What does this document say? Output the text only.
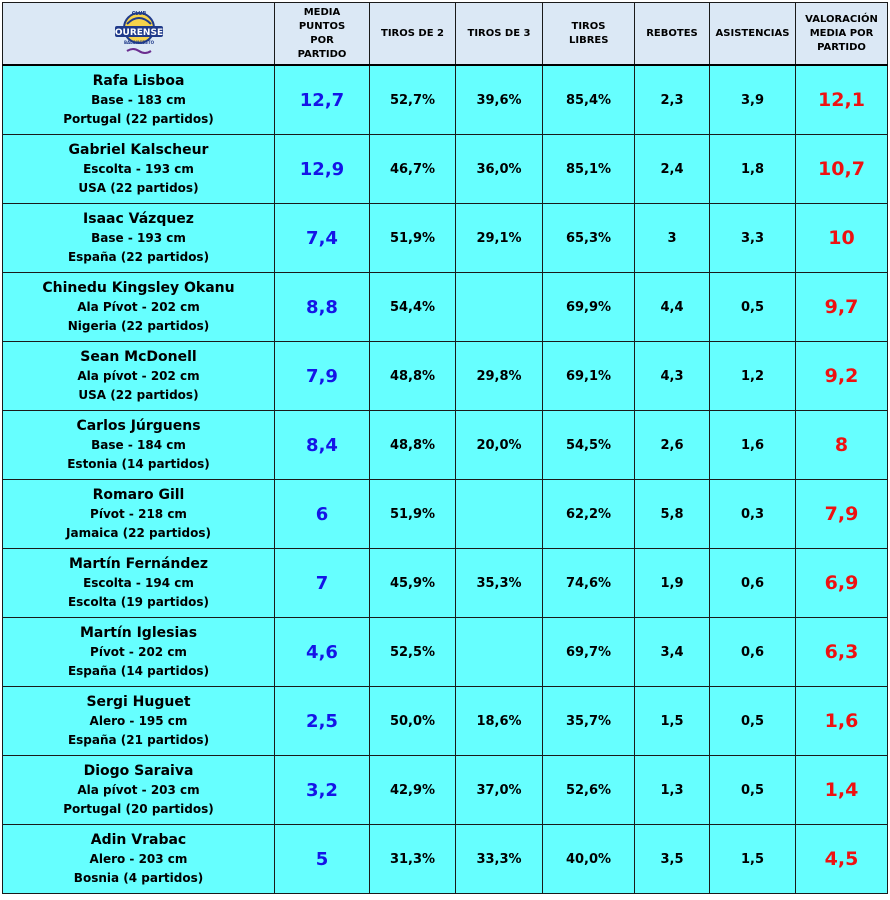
CLUB
OURENSE
BALONCESTO	MEDIA PUNTOS POR PARTIDO	TIROS DE 2	TIROS DE 3	TIROS LIBRES	REBOTES	ASISTENCIAS	VALORACIÓN MEDIA POR PARTIDO

Rafa Lisboa
Base - 183 cm
Portugal (22 partidos)	12,7	52,7%	39,6%	85,4%	2,3	3,9	12,1

Gabriel Kalscheur
Escolta - 193 cm
USA (22 partidos)	12,9	46,7%	36,0%	85,1%	2,4	1,8	10,7

Isaac Vázquez
Base - 193 cm
España (22 partidos)	7,4	51,9%	29,1%	65,3%	3	3,3	10

Chinedu Kingsley Okanu
Ala Pívot - 202 cm
Nigeria (22 partidos)	8,8	54,4%		69,9%	4,4	0,5	9,7

Sean McDonell
Ala pívot - 202 cm
USA (22 partidos)	7,9	48,8%	29,8%	69,1%	4,3	1,2	9,2

Carlos Júrguens
Base - 184 cm
Estonia (14 partidos)	8,4	48,8%	20,0%	54,5%	2,6	1,6	8

Romaro Gill
Pívot - 218 cm
Jamaica (22 partidos)	6	51,9%		62,2%	5,8	0,3	7,9

Martín Fernández
Escolta - 194 cm
Escolta (19 partidos)	7	45,9%	35,3%	74,6%	1,9	0,6	6,9

Martín Iglesias
Pívot - 202 cm
España (14 partidos)	4,6	52,5%		69,7%	3,4	0,6	6,3

Sergi Huguet
Alero - 195 cm
España (21 partidos)	2,5	50,0%	18,6%	35,7%	1,5	0,5	1,6

Diogo Saraiva
Ala pívot - 203 cm
Portugal (20 partidos)	3,2	42,9%	37,0%	52,6%	1,3	0,5	1,4

Adin Vrabac
Alero - 203 cm
Bosnia (4 partidos)	5	31,3%	33,3%	40,0%	3,5	1,5	4,5
